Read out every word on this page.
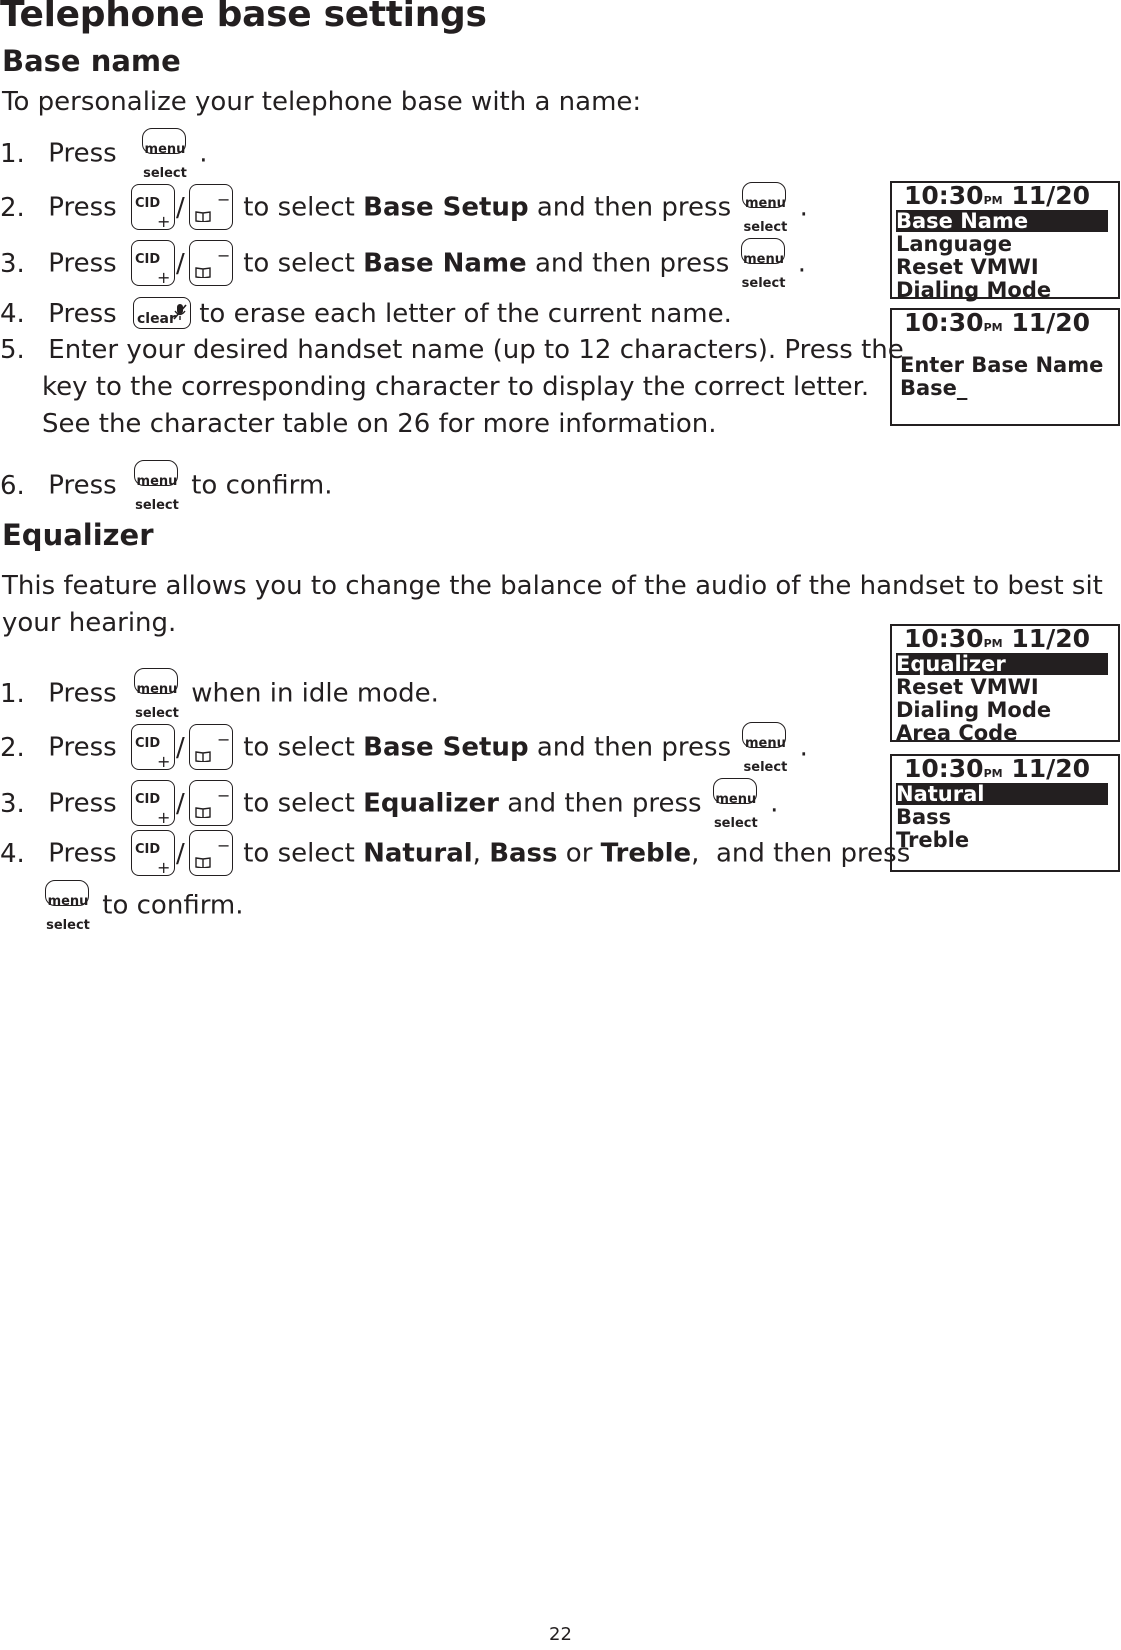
Telephone base settings
Base name
To personalize your telephone base with a name:
1. Press	menu
select
.
2. Press CID
+ / − to select Base Setup and then press	menu
select
.
3. Press CID
+ / − to select Base Name and then press	menu
select
.
4. Press clear to erase each letter of the current name.
5. Enter your desired handset name (up to 12 characters). Press the
key to the corresponding character to display the correct letter.
See the character table on 26 for more information.
6. Press	menu
select
to conﬁrm.
Equalizer
This feature allows you to change the balance of the audio of the handset to best sit
your hearing.
1. Press	menu
select
when in idle mode.
2. Press CID
+ / − to select Base Setup and then press	menu
select
.
3. Press CID
+ / − to select Equalizer and then press	menu
select
.
4. Press CID
+ / − to select Natural, Bass or Treble,  and then press
menu
select
to conﬁrm.
10:30PM 11/20
Base Name
Language
Reset VMWI
Dialing Mode
10:30PM 11/20
Enter Base Name
Base_
10:30PM 11/20
Equalizer
Reset VMWI
Dialing Mode
Area Code
10:30PM 11/20
Natural
Bass
Treble
22
